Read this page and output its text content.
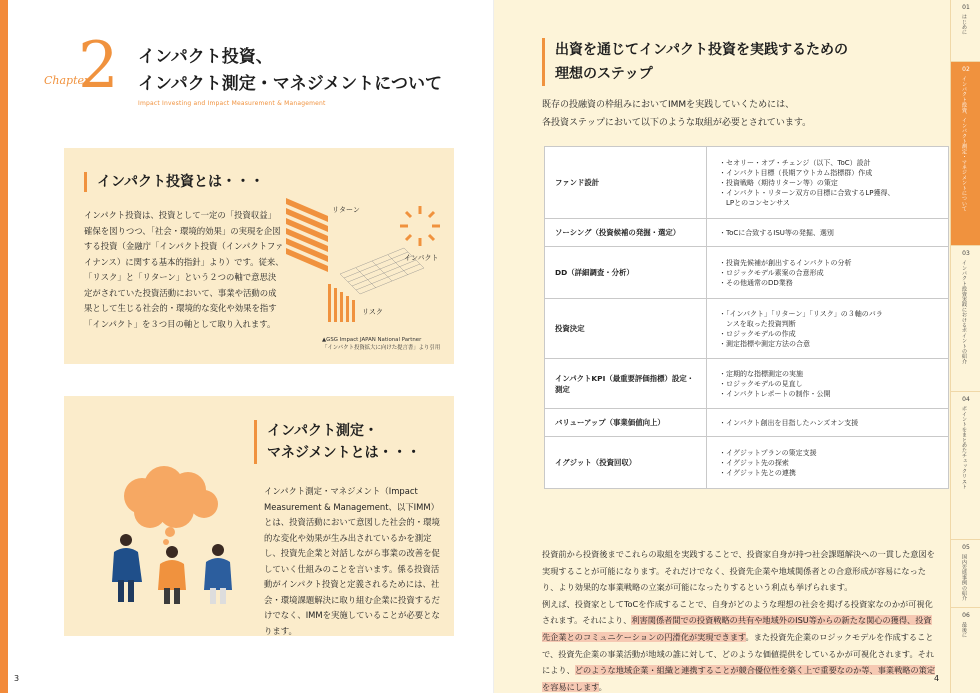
Chapter
2 インパクト投資、
インパクト測定・マネジメントについて
Impact Investing and Impact Measurement & Management
インパクト投資とは・・・
インパクト投資は、投資として一定の「投資収益」確保を図りつつ、「社会・環境的効果」の実現を企図する投資（金融庁「インパクト投資（インパクトファイナンス）に関する基本的指針」より）です。従来、「リスク」と「リターン」という２つの軸で意思決定がされていた投資活動において、事業や活動の成果として生じる社会的・環境的な変化や効果を指す「インパクト」を３つ目の軸として取り入れます。
リターン
インパクト
リスク
▲GSG Impact JAPAN National Partner
「インパクト投資拡大に向けた提言書」より引用
インパクト測定・
マネジメントとは・・・
インパクト測定・マネジメント（Impact Measurement & Management、以下IMM）とは、投資活動において意図した社会的・環境的な変化や効果が生み出されているかを測定し、投資先企業と対話しながら事業の改善を促していく仕組みのことを言います。係る投資活動がインパクト投資と定義されるためには、社会・環境課題解決に取り組む企業に投資するだけでなく、IMMを実施していることが必要となります。
3
出資を通じてインパクト投資を実践するための
理想のステップ
既存の投融資の枠組みにおいてIMMを実践していくためには、
各投資ステップにおいて以下のような取組が必要とされています。
ファンド設計	・セオリー・オブ・チェンジ（以下、ToC）設計
・インパクト目標（長期アウトカム指標群）作成
・投資戦略（期待リターン等）の策定
・インパクト・リターン双方の目標に合致するLP獲得、
　LPとのコンセンサス

ソーシング（投資候補の発掘・選定）	・ToCに合致するISU等の発掘、選別

DD（詳細調査・分析）	・投資先候補が創出するインパクトの分析
・ロジックモデル素案の合意形成
・その他通常のDD業務

投資決定	・「インパクト」「リターン」「リスク」の３軸のバラ
　ンスを取った投資判断
・ロジックモデルの作成
・測定指標や測定方法の合意

インパクトKPI（最重要評価指標）設定・測定	・定期的な指標測定の実施
・ロジックモデルの見直し
・インパクトレポートの制作・公開

バリューアップ（事業価値向上）	・インパクト創出を目指したハンズオン支援

イグジット（投資回収）	・イグジットプランの策定支援
・イグジット先の探索
・イグジット先との連携
投資前から投資後までこれらの取組を実践することで、投資家自身が持つ社会課題解決への一貫した意図を実現することが可能になります。それだけでなく、投資先企業や地域関係者との合意形成が容易になったり、より効果的な事業戦略の立案が可能になったりするという利点も挙げられます。
例えば、投資家としてToCを作成することで、自身がどのような理想の社会を掲げる投資家なのかが可視化されます。それにより、利害関係者間での投資戦略の共有や地域外のISU等からの新たな関心の獲得、投資先企業とのコミュニケーションの円滑化が実現できます。また投資先企業のロジックモデルを作成することで、投資先企業の事業活動が地域の誰に対して、どのような価値提供をしているかが可視化されます。それにより、どのような地域企業・組織と連携することが競合優位性を築く上で重要なのか等、事業戦略の策定を容易にします。
4
01
はじめに
02
インパクト投資、インパクト測定・マネジメントについて
03
インパクト投資実践におけるポイントの紹介
04
ポイントをまとめたチェックリスト
05
国内先進事例の紹介
06
最後に
